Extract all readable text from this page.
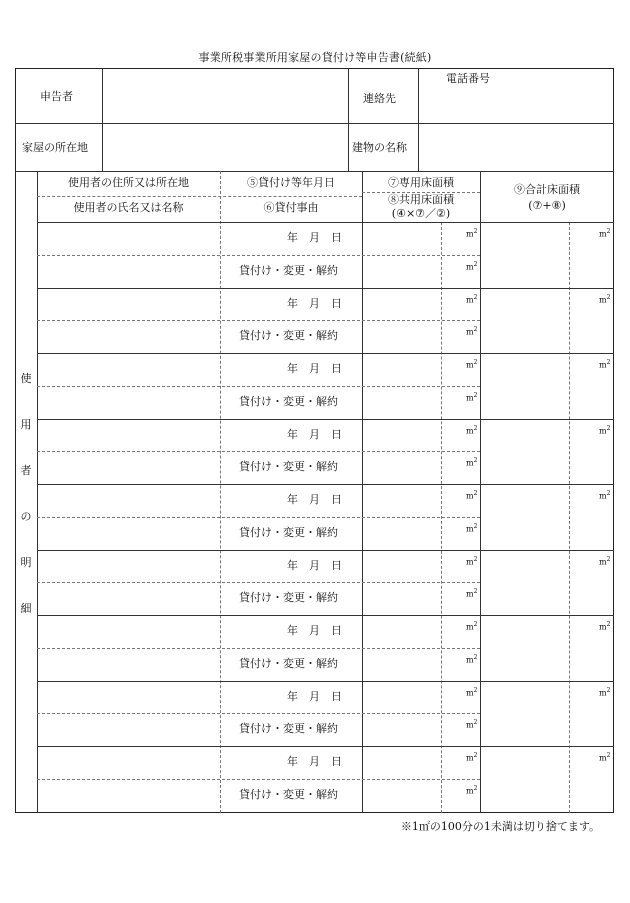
事業所税事業所用家屋の貸付け等申告書(続紙)
申告者	連絡先
電話番号
家屋の所在地	建物の名称
使用者の住所又は所在地
使用者の氏名又は名称
⑤貸付け等年月日
⑥貸付事由
⑦専用床面積
⑧共用床面積
(④×⑦／②)
⑨合計床面積
(⑦+⑧)
使
用
者
の
明
細
年　月　日
貸付け・変更・解約
$m^2$
$m^2$
$m^2$
年　月　日
貸付け・変更・解約
$m^2$
$m^2$
$m^2$
年　月　日
貸付け・変更・解約
$m^2$
$m^2$
$m^2$
年　月　日
貸付け・変更・解約
$m^2$
$m^2$
$m^2$
年　月　日
貸付け・変更・解約
$m^2$
$m^2$
$m^2$
年　月　日
貸付け・変更・解約
$m^2$
$m^2$
$m^2$
年　月　日
貸付け・変更・解約
$m^2$
$m^2$
$m^2$
年　月　日
貸付け・変更・解約
$m^2$
$m^2$
$m^2$
年　月　日
貸付け・変更・解約
$m^2$
$m^2$
$m^2$
※1㎡の100分の1未満は切り捨てます。
